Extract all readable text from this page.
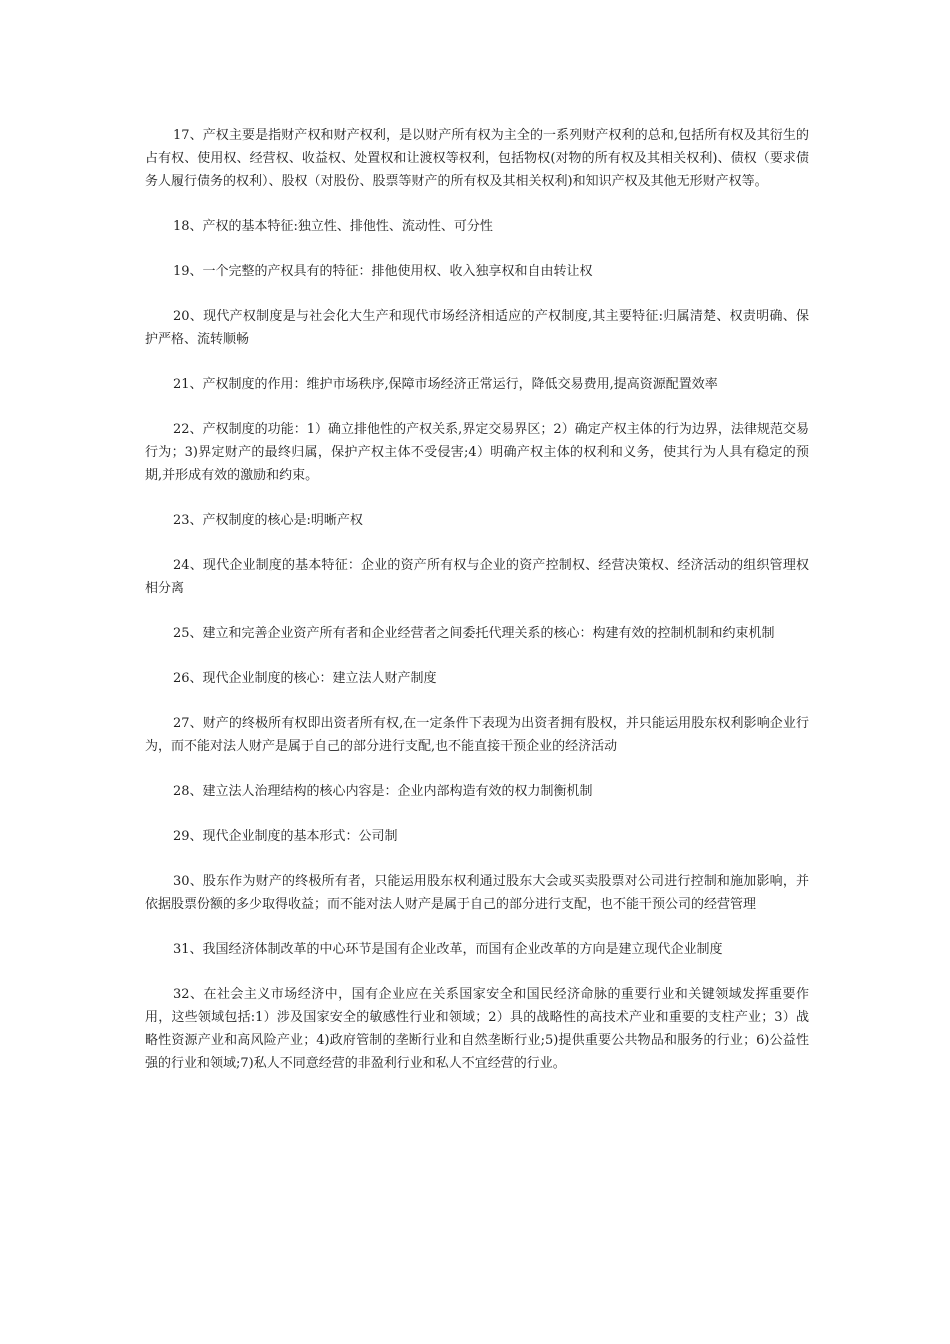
17、产权主要是指财产权和财产权利，是以财产所有权为主全的一系列财产权利的总和,包括所有权及其衍生的占有权、使用权、经营权、收益权、处置权和让渡权等权利，包括物权(对物的所有权及其相关权利)、债权（要求债务人履行债务的权利）、股权（对股份、股票等财产的所有权及其相关权利)和知识产权及其他无形财产权等。

18、产权的基本特征:独立性、排他性、流动性、可分性

19、一个完整的产权具有的特征：排他使用权、收入独享权和自由转让权

20、现代产权制度是与社会化大生产和现代市场经济相适应的产权制度,其主要特征:归属清楚、权责明确、保护严格、流转顺畅

21、产权制度的作用：维护市场秩序,保障市场经济正常运行，降低交易费用,提高资源配置效率

22、产权制度的功能：1）确立排他性的产权关系,界定交易界区；2）确定产权主体的行为边界，法律规范交易行为；3)界定财产的最终归属，保护产权主体不受侵害;4）明确产权主体的权利和义务，使其行为人具有稳定的预期,并形成有效的激励和约束。

23、产权制度的核心是:明晰产权

24、现代企业制度的基本特征：企业的资产所有权与企业的资产控制权、经营决策权、经济活动的组织管理权相分离

25、建立和完善企业资产所有者和企业经营者之间委托代理关系的核心：构建有效的控制机制和约束机制

26、现代企业制度的核心：建立法人财产制度

27、财产的终极所有权即出资者所有权,在一定条件下表现为出资者拥有股权，并只能运用股东权利影响企业行为，而不能对法人财产是属于自己的部分进行支配,也不能直接干预企业的经济活动

28、建立法人治理结构的核心内容是：企业内部构造有效的权力制衡机制

29、现代企业制度的基本形式：公司制

30、股东作为财产的终极所有者，只能运用股东权利通过股东大会或买卖股票对公司进行控制和施加影响，并依据股票份额的多少取得收益；而不能对法人财产是属于自己的部分进行支配，也不能干预公司的经营管理

31、我国经济体制改革的中心环节是国有企业改革，而国有企业改革的方向是建立现代企业制度

32、在社会主义市场经济中，国有企业应在关系国家安全和国民经济命脉的重要行业和关键领域发挥重要作用，这些领域包括:1）涉及国家安全的敏感性行业和领域；2）具的战略性的高技术产业和重要的支柱产业；3）战略性资源产业和高风险产业；4)政府管制的垄断行业和自然垄断行业;5)提供重要公共物品和服务的行业；6)公益性强的行业和领域;7)私人不同意经营的非盈利行业和私人不宜经营的行业。
